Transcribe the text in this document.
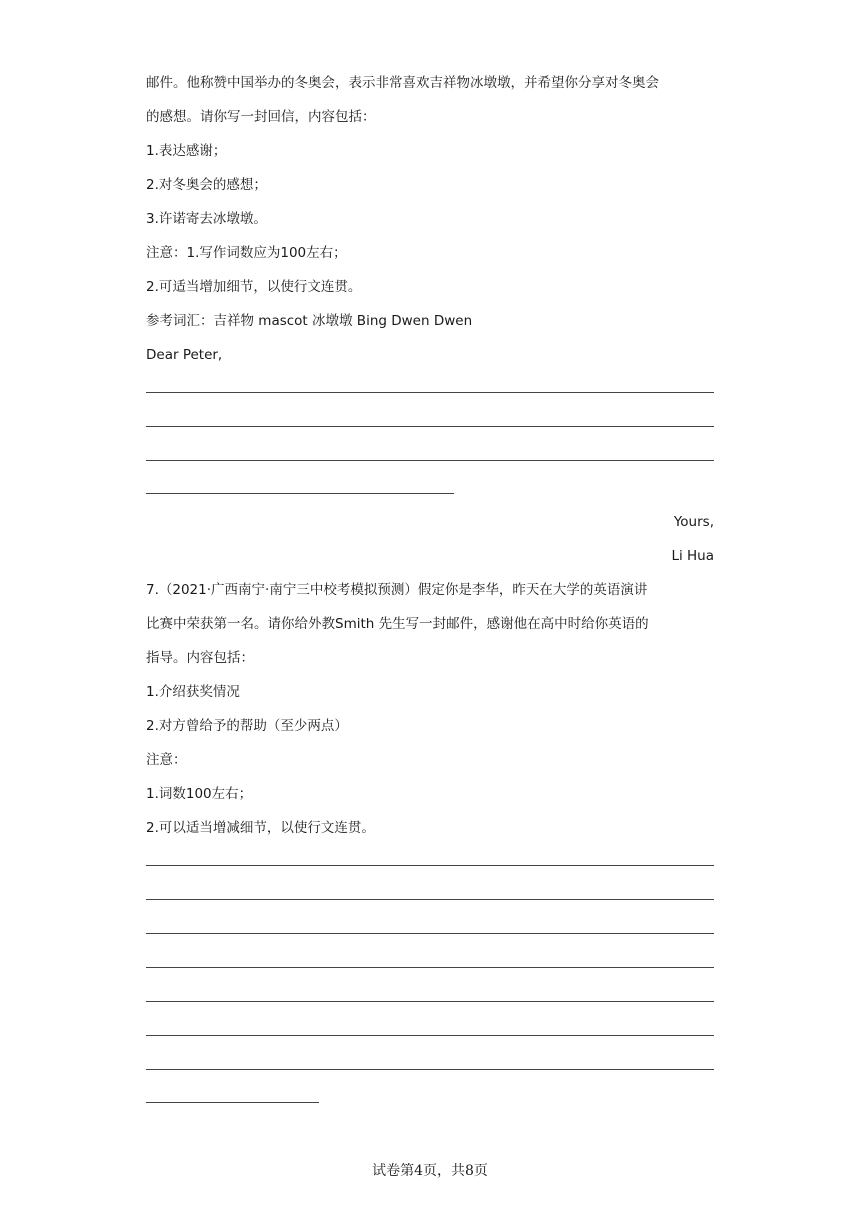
邮件。他称赞中国举办的冬奥会，表示非常喜欢吉祥物冰墩墩，并希望你分享对冬奥会
的感想。请你写一封回信，内容包括：
1.表达感谢；
2.对冬奥会的感想；
3.许诺寄去冰墩墩。
注意：1.写作词数应为100左右；
2.可适当增加细节，以使行文连贯。
参考词汇：吉祥物 mascot 冰墩墩 Bing Dwen Dwen
Dear Peter,
Yours,
Li Hua
7.（2021·广西南宁·南宁三中校考模拟预测）假定你是李华，昨天在大学的英语演讲
比赛中荣获第一名。请你给外教Smith 先生写一封邮件，感谢他在高中时给你英语的
指导。内容包括：
1.介绍获奖情况
2.对方曾给予的帮助（至少两点）
注意：
1.词数100左右；
2.可以适当增减细节，以使行文连贯。
试卷第4页，共8页
